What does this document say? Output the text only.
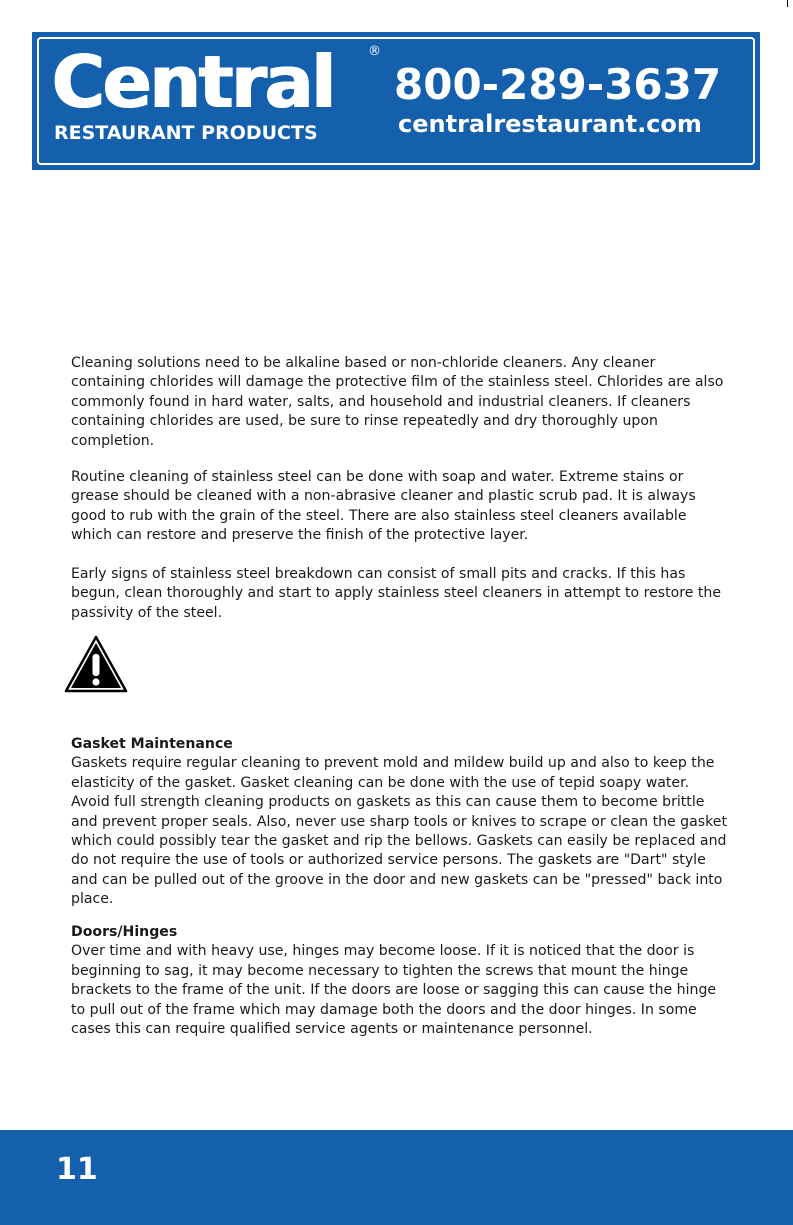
Central	®
RESTAURANT PRODUCTS
800-289-3637
centralrestaurant.com

Cleaning solutions need to be alkaline based or non-chloride cleaners. Any cleaner containing chlorides will damage the protective film of the stainless steel. Chlorides are also commonly found in hard water, salts, and household and industrial cleaners. If cleaners containing chlorides are used, be sure to rinse repeatedly and dry thoroughly upon completion.

Routine cleaning of stainless steel can be done with soap and water. Extreme stains or grease should be cleaned with a non-abrasive cleaner and plastic scrub pad. It is always good to rub with the grain of the steel. There are also stainless steel cleaners available which can restore and preserve the finish of the protective layer.

Early signs of stainless steel breakdown can consist of small pits and cracks. If this has begun, clean thoroughly and start to apply stainless steel cleaners in attempt to restore the passivity of the steel.

Gasket Maintenance
Gaskets require regular cleaning to prevent mold and mildew build up and also to keep the elasticity of the gasket. Gasket cleaning can be done with the use of tepid soapy water. Avoid full strength cleaning products on gaskets as this can cause them to become brittle and prevent proper seals. Also, never use sharp tools or knives to scrape or clean the gasket which could possibly tear the gasket and rip the bellows. Gaskets can easily be replaced and do not require the use of tools or authorized service persons. The gaskets are "Dart" style and can be pulled out of the groove in the door and new gaskets can be "pressed" back into place.

Doors/Hinges
Over time and with heavy use, hinges may become loose. If it is noticed that the door is beginning to sag, it may become necessary to tighten the screws that mount the hinge brackets to the frame of the unit. If the doors are loose or sagging this can cause the hinge to pull out of the frame which may damage both the doors and the door hinges. In some cases this can require qualified service agents or maintenance personnel.

11
